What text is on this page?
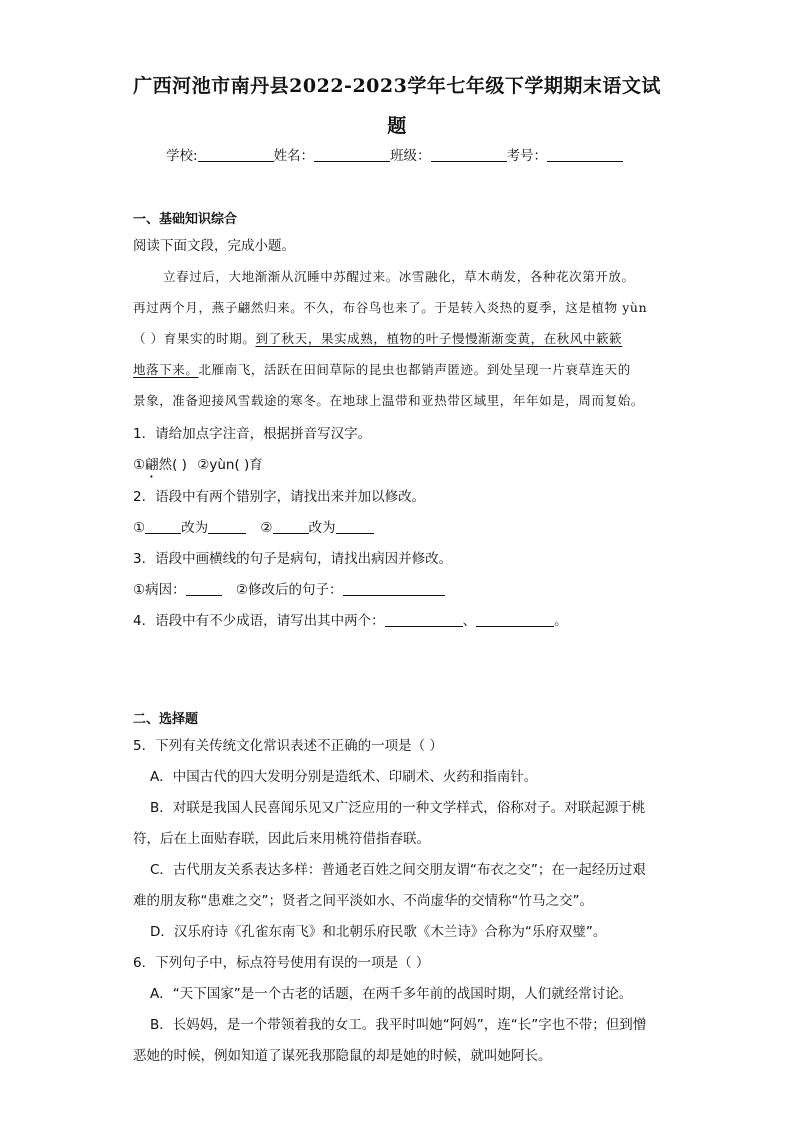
广西河池市南丹县2022-2023学年七年级下学期期末语文试
题
学校:	姓名：	班级：	考号：
一、基础知识综合
阅读下面文段，完成小题。
立春过后，大地渐渐从沉睡中苏醒过来。冰雪融化，草木萌发，各种花次第开放。
再过两个月，燕子翩然归来。不久，布谷鸟也来了。于是转入炎热的夏季，这是植物 yùn
（ ）育果实的时期。到了秋天，果实成熟，植物的叶子慢慢渐渐变黄，在秋风中簌簌
地落下来。北雁南飞，活跃在田间草际的昆虫也都销声匿迹。到处呈现一片衰草连天的
景象，准备迎接风雪载途的寒冬。在地球上温带和亚热带区域里，年年如是，周而复始。
1．请给加点字注音，根据拼音写汉字。
①翩然( ) ②yùn( )育
2．语段中有两个错别字，请找出来并加以修改。
①	改为	②	改为
3．语段中画横线的句子是病句，请找出病因并修改。
①病因：	②修改后的句子：
4．语段中有不少成语，请写出其中两个：	、	。
二、选择题
5．下列有关传统文化常识表述不正确的一项是（ ）
A．中国古代的四大发明分别是造纸术、印刷术、火药和指南针。
B．对联是我国人民喜闻乐见又广泛应用的一种文学样式，俗称对子。对联起源于桃
符，后在上面贴春联，因此后来用桃符借指春联。
C．古代朋友关系表达多样：普通老百姓之间交朋友谓“布衣之交”；在一起经历过艰
难的朋友称“患难之交”；贤者之间平淡如水、不尚虚华的交情称“竹马之交”。
D．汉乐府诗《孔雀东南飞》和北朝乐府民歌《木兰诗》合称为“乐府双璧”。
6．下列句子中，标点符号使用有误的一项是（ ）
A．“天下国家”是一个古老的话题，在两千多年前的战国时期，人们就经常讨论。
B．长妈妈，是一个带领着我的女工。我平时叫她“阿妈”，连“长”字也不带；但到憎
恶她的时候，例如知道了谋死我那隐鼠的却是她的时候，就叫她阿长。
